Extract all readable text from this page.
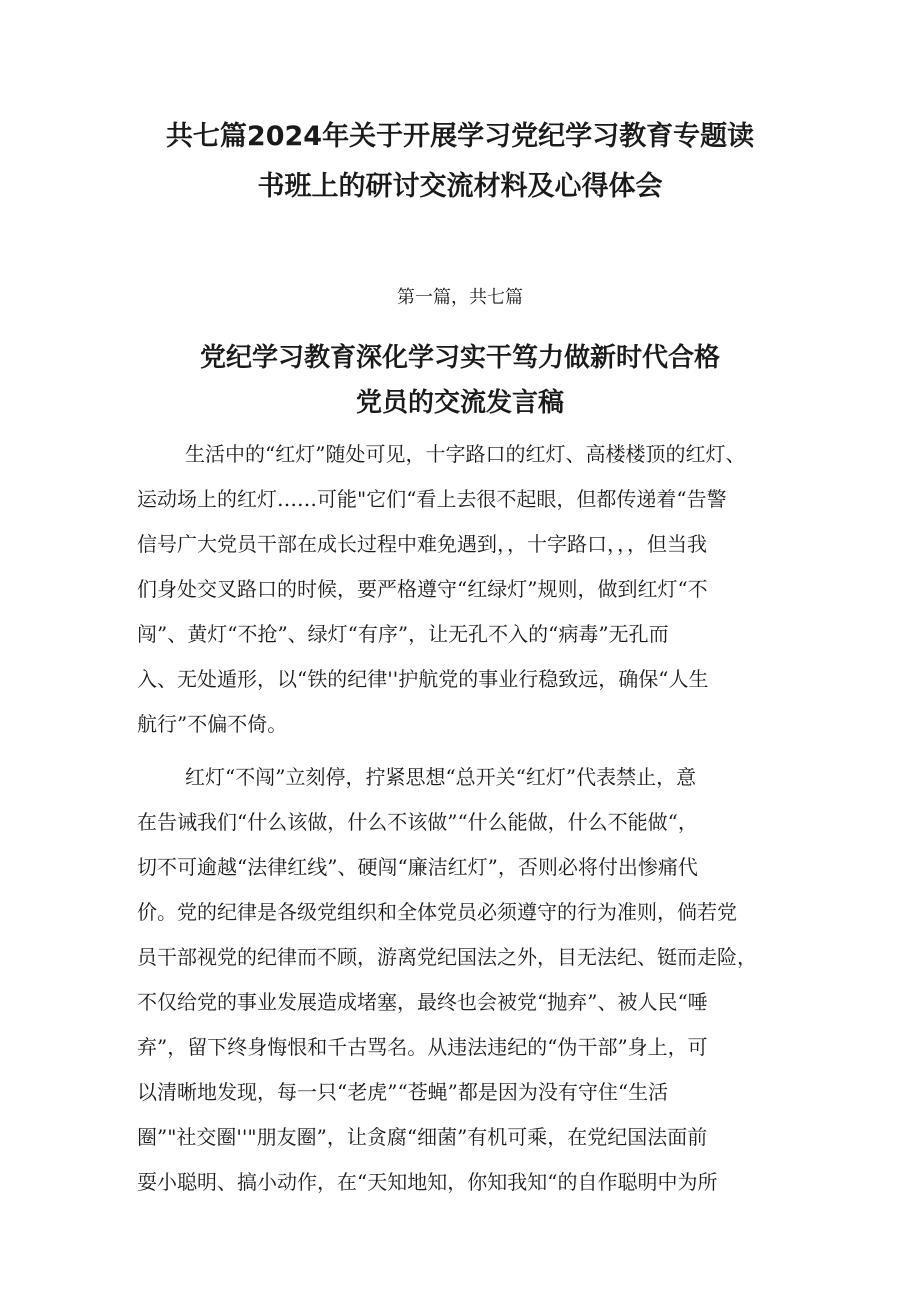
共七篇2024年关于开展学习党纪学习教育专题读
书班上的研讨交流材料及心得体会
第一篇，共七篇
党纪学习教育深化学习实干笃力做新时代合格
党员的交流发言稿
生活中的“红灯”随处可见，十字路口的红灯、高楼楼顶的红灯、
运动场上的红灯……可能"它们“看上去很不起眼，但都传递着“告警
信号广大党员干部在成长过程中难免遇到，，十字路口，，，但当我
们身处交叉路口的时候，要严格遵守“红绿灯”规则，做到红灯“不
闯”、黄灯“不抢”、绿灯“有序”，让无孔不入的“病毒”无孔而
入、无处遁形，以“铁的纪律''护航党的事业行稳致远，确保“人生
航行”不偏不倚。
红灯“不闯”立刻停，拧紧思想“总开关“红灯”代表禁止，意
在告诫我们“什么该做，什么不该做”“什么能做，什么不能做“，
切不可逾越“法律红线”、硬闯“廉洁红灯”，否则必将付出惨痛代
价。党的纪律是各级党组织和全体党员必须遵守的行为准则，倘若党
员干部视党的纪律而不顾，游离党纪国法之外，目无法纪、铤而走险，
不仅给党的事业发展造成堵塞，最终也会被党“抛弃”、被人民“唾
弃”，留下终身悔恨和千古骂名。从违法违纪的“伪干部”身上，可
以清晰地发现，每一只“老虎”“苍蝇”都是因为没有守住“生活
圈”"社交圈''"朋友圈”，让贪腐“细菌”有机可乘，在党纪国法面前
耍小聪明、搞小动作，在“天知地知，你知我知“的自作聪明中为所
